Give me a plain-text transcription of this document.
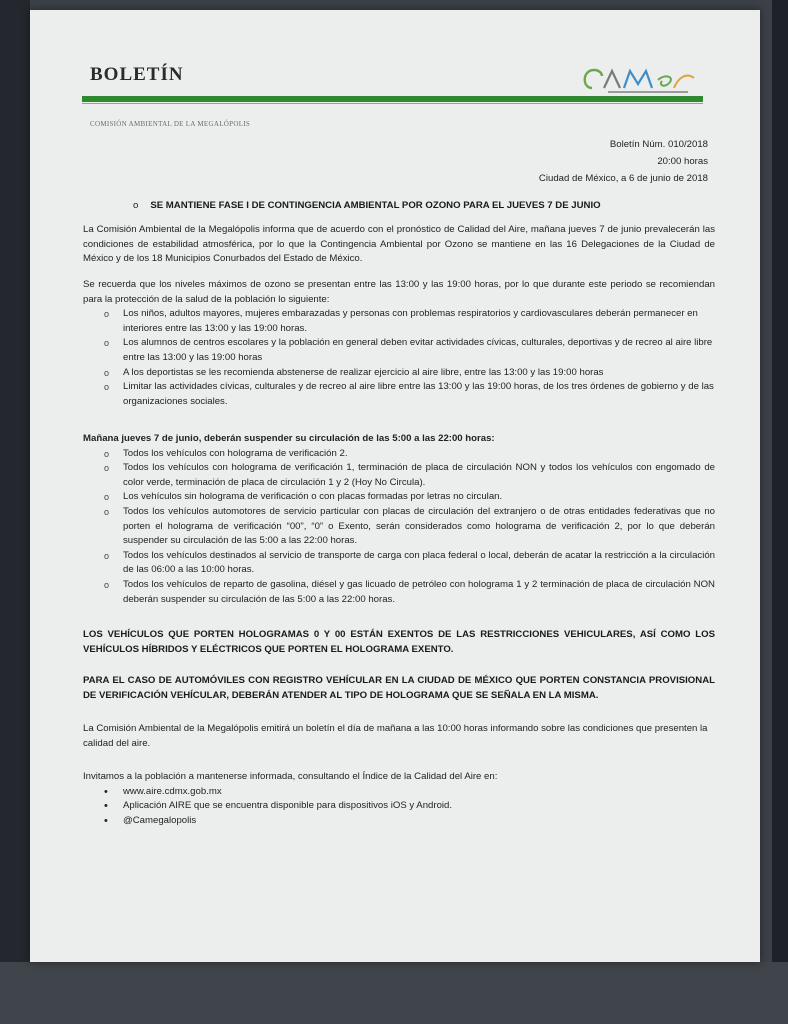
BOLETÍN
COMISIÓN AMBIENTAL DE LA MEGALÓPOLIS
Boletín Núm. 010/2018
20:00 horas
Ciudad de México, a 6 de junio de 2018
o SE MANTIENE FASE I DE CONTINGENCIA AMBIENTAL POR OZONO PARA EL JUEVES 7 DE JUNIO
La Comisión Ambiental de la Megalópolis informa que de acuerdo con el pronóstico de Calidad del Aire, mañana jueves 7 de junio prevalecerán las condiciones de estabilidad atmosférica, por lo que la Contingencia Ambiental por Ozono se mantiene en las 16 Delegaciones de la Ciudad de México y de los 18 Municipios Conurbados del Estado de México.
Se recuerda que los niveles máximos de ozono se presentan entre las 13:00 y las 19:00 horas, por lo que durante este periodo se recomiendan para la protección de la salud de la población lo siguiente:
o Los niños, adultos mayores, mujeres embarazadas y personas con problemas respiratorios y cardiovasculares deberán permanecer en interiores entre las 13:00 y las 19:00 horas.
o Los alumnos de centros escolares y la población en general deben evitar actividades cívicas, culturales, deportivas y de recreo al aire libre entre las 13:00 y las 19:00 horas
o A los deportistas se les recomienda abstenerse de realizar ejercicio al aire libre, entre las 13:00 y las 19:00 horas
o Limitar las actividades cívicas, culturales y de recreo al aire libre entre las 13:00 y las 19:00 horas, de los tres órdenes de gobierno y de las organizaciones sociales.
Mañana jueves 7 de junio, deberán suspender su circulación de las 5:00 a las 22:00 horas:
o Todos los vehículos con holograma de verificación 2.
o Todos los vehículos con holograma de verificación 1, terminación de placa de circulación NON y todos los vehículos con engomado de color verde, terminación de placa de circulación 1 y 2 (Hoy No Circula).
o Los vehículos sin holograma de verificación o con placas formadas por letras no circulan.
o Todos los vehículos automotores de servicio particular con placas de circulación del extranjero o de otras entidades federativas que no porten el holograma de verificación “00”, “0” o Exento, serán considerados como holograma de verificación 2, por lo que deberán suspender su circulación de las 5:00 a las 22:00 horas.
o Todos los vehículos destinados al servicio de transporte de carga con placa federal o local, deberán de acatar la restricción a la circulación de las 06:00 a las 10:00 horas.
o Todos los vehículos de reparto de gasolina, diésel y gas licuado de petróleo con holograma 1 y 2 terminación de placa de circulación NON deberán suspender su circulación de las 5:00 a las 22:00 horas.
LOS VEHÍCULOS QUE PORTEN HOLOGRAMAS 0 Y 00 ESTÁN EXENTOS DE LAS RESTRICCIONES VEHICULARES, ASÍ COMO LOS VEHÍCULOS HÍBRIDOS Y ELÉCTRICOS QUE PORTEN EL HOLOGRAMA EXENTO.
PARA EL CASO DE AUTOMÓVILES CON REGISTRO VEHÍCULAR EN LA CIUDAD DE MÉXICO QUE PORTEN CONSTANCIA PROVISIONAL DE VERIFICACIÓN VEHÍCULAR, DEBERÁN ATENDER AL TIPO DE HOLOGRAMA QUE SE SEÑALA EN LA MISMA.
La Comisión Ambiental de la Megalópolis emitirá un boletín el día de mañana a las 10:00 horas informando sobre las condiciones que presenten la calidad del aire.
Invitamos a la población a mantenerse informada, consultando el Índice de la Calidad del Aire en:
• www.aire.cdmx.gob.mx
• Aplicación AIRE que se encuentra disponible para dispositivos iOS y Android.
• @Camegalopolis
